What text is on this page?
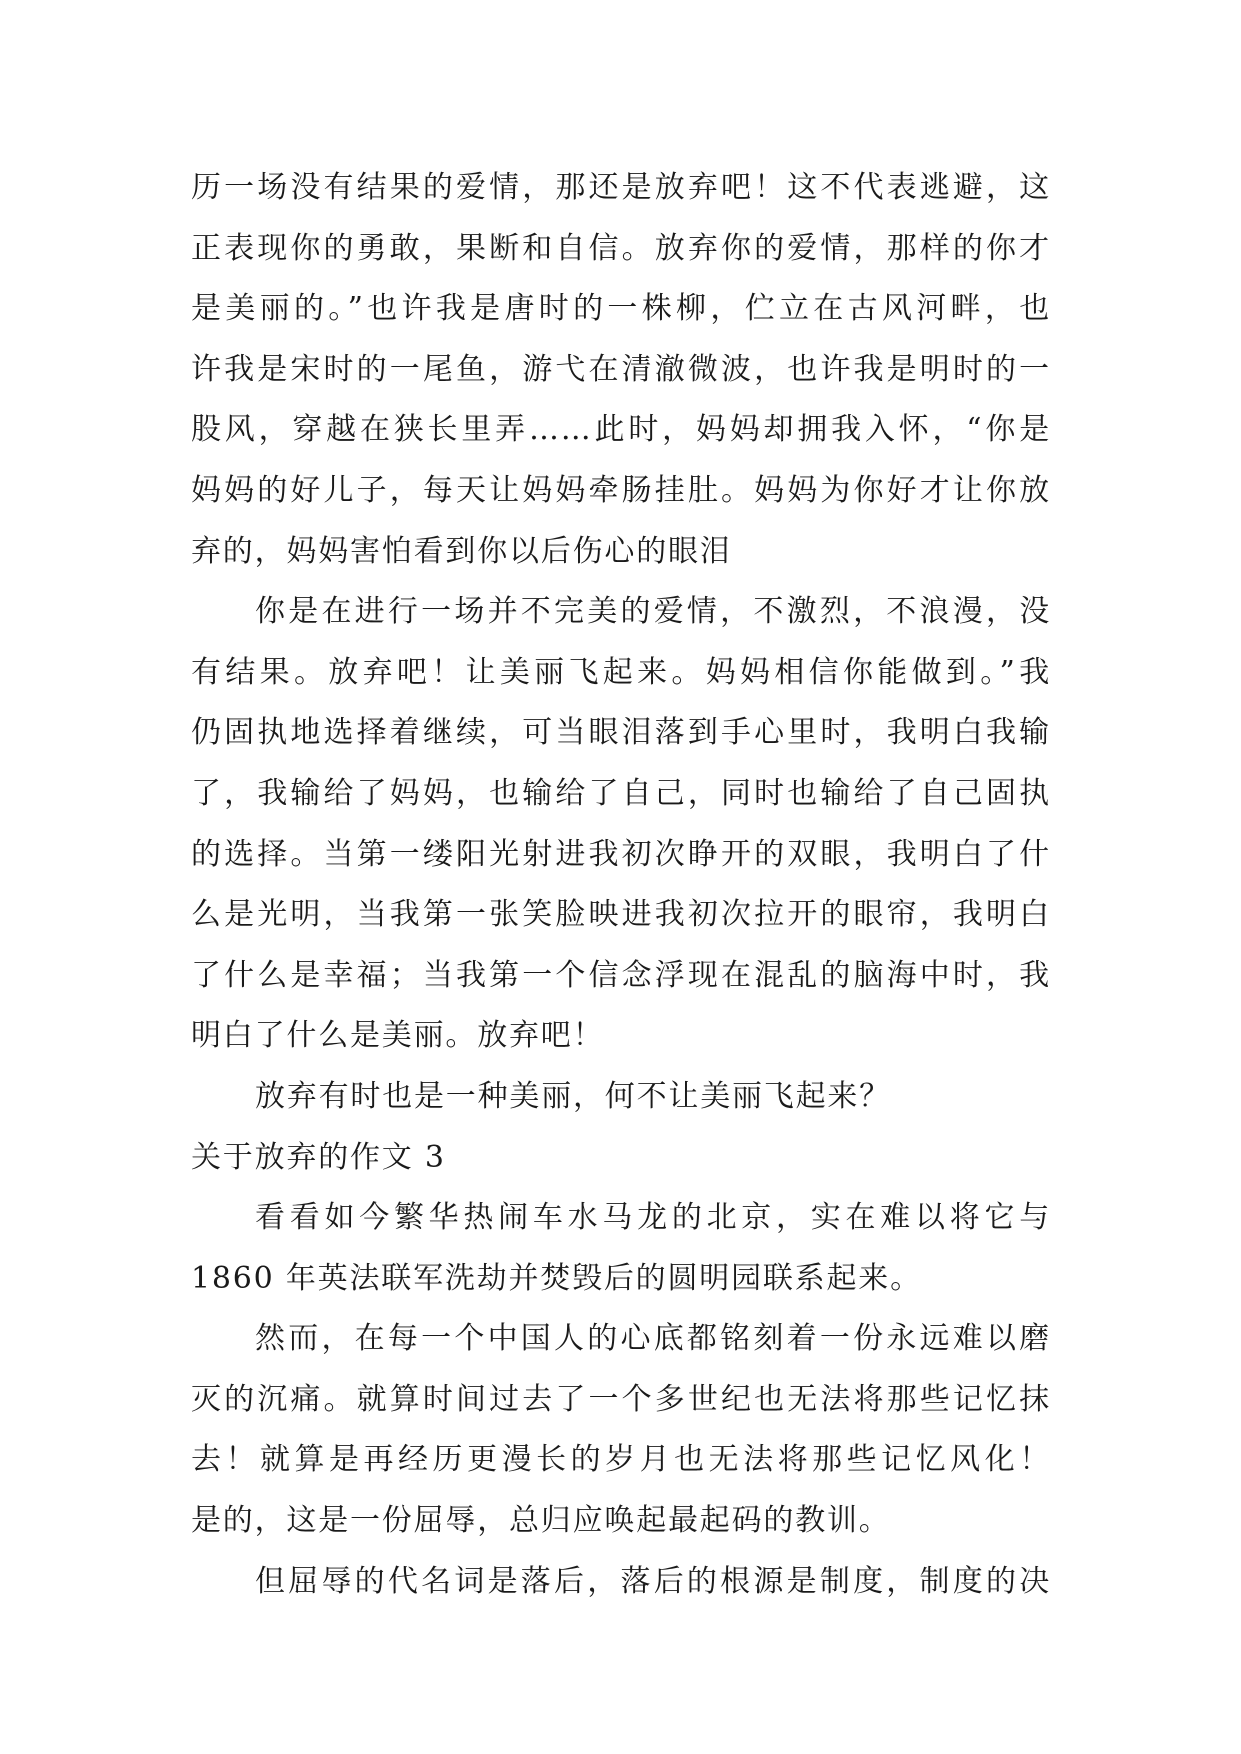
历一场没有结果的爱情，那还是放弃吧！这不代表逃避，这
正表现你的勇敢，果断和自信。放弃你的爱情，那样的你才
是美丽的。”也许我是唐时的一株柳，伫立在古风河畔，也
许我是宋时的一尾鱼，游弋在清澈微波，也许我是明时的一
股风，穿越在狭长里弄……此时，妈妈却拥我入怀，“你是
妈妈的好儿子，每天让妈妈牵肠挂肚。妈妈为你好才让你放
弃的，妈妈害怕看到你以后伤心的眼泪
你是在进行一场并不完美的爱情，不激烈，不浪漫，没
有结果。放弃吧！让美丽飞起来。妈妈相信你能做到。”我
仍固执地选择着继续，可当眼泪落到手心里时，我明白我输
了，我输给了妈妈，也输给了自己，同时也输给了自己固执
的选择。当第一缕阳光射进我初次睁开的双眼，我明白了什
么是光明，当我第一张笑脸映进我初次拉开的眼帘，我明白
了什么是幸福；当我第一个信念浮现在混乱的脑海中时，我
明白了什么是美丽。放弃吧！
放弃有时也是一种美丽，何不让美丽飞起来？
关于放弃的作文 3
看看如今繁华热闹车水马龙的北京，实在难以将它与
1860 年英法联军洗劫并焚毁后的圆明园联系起来。
然而，在每一个中国人的心底都铭刻着一份永远难以磨
灭的沉痛。就算时间过去了一个多世纪也无法将那些记忆抹
去！就算是再经历更漫长的岁月也无法将那些记忆风化！
是的，这是一份屈辱，总归应唤起最起码的教训。
但屈辱的代名词是落后，落后的根源是制度，制度的决
